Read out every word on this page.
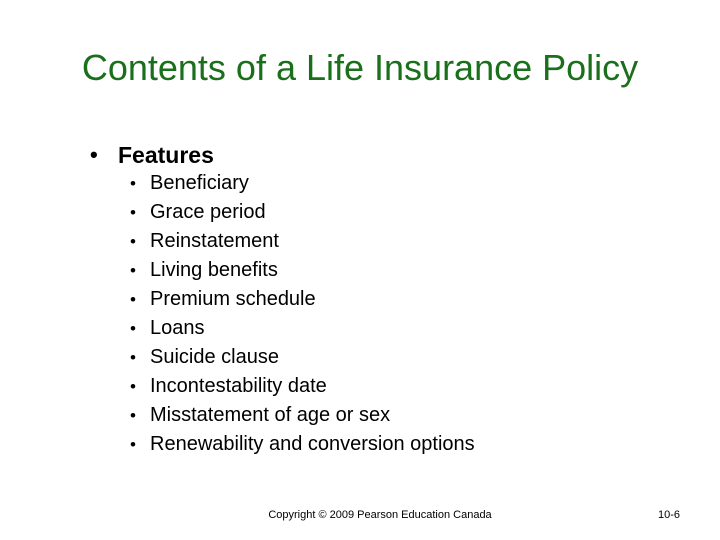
Contents of a Life Insurance Policy
• Features
• Beneficiary
• Grace period
• Reinstatement
• Living benefits
• Premium schedule
• Loans
• Suicide clause
• Incontestability date
• Misstatement of age or sex
• Renewability and conversion options
Copyright © 2009 Pearson Education Canada	10-6
